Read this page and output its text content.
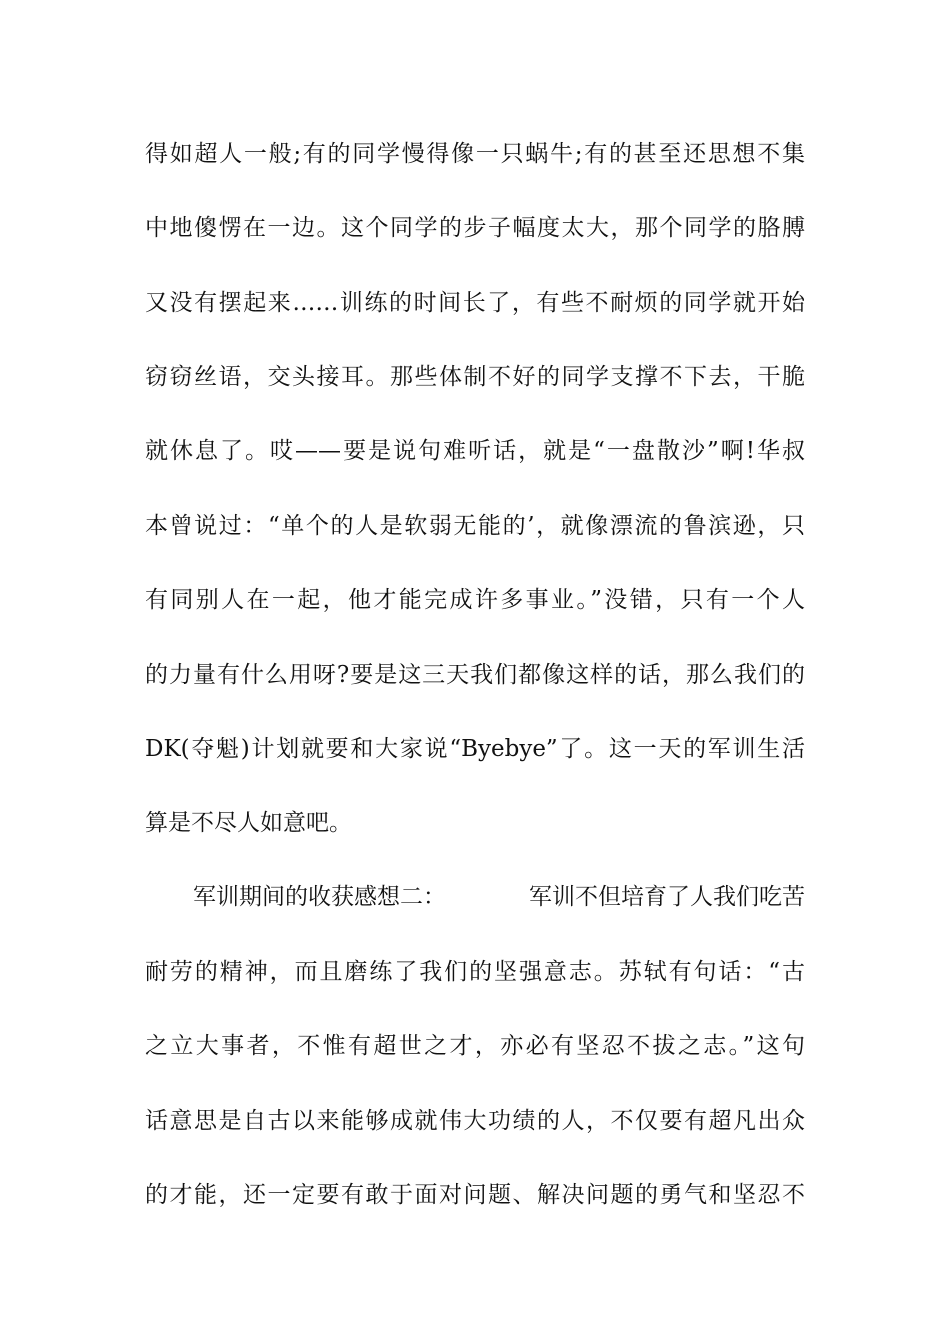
得如超人一般;有的同学慢得像一只蜗牛;有的甚至还思想不集
中地傻愣在一边。这个同学的步子幅度太大，那个同学的胳膊
又没有摆起来……训练的时间长了，有些不耐烦的同学就开始
窃窃丝语，交头接耳。那些体制不好的同学支撑不下去，干脆
就休息了。哎——要是说句难听话，就是“一盘散沙”啊!华叔
本曾说过：“单个的人是软弱无能的’，就像漂流的鲁滨逊，只
有同别人在一起，他才能完成许多事业。”没错，只有一个人
的力量有什么用呀?要是这三天我们都像这样的话，那么我们的
DK(夺魁)计划就要和大家说“Byebye”了。这一天的军训生活
算是不尽人如意吧。
军训期间的收获感想二：	军训不但培育了人我们吃苦
耐劳的精神，而且磨练了我们的坚强意志。苏轼有句话：“古
之立大事者，不惟有超世之才，亦必有坚忍不拔之志。”这句
话意思是自古以来能够成就伟大功绩的人，不仅要有超凡出众
的才能，还一定要有敢于面对问题、解决问题的勇气和坚忍不
